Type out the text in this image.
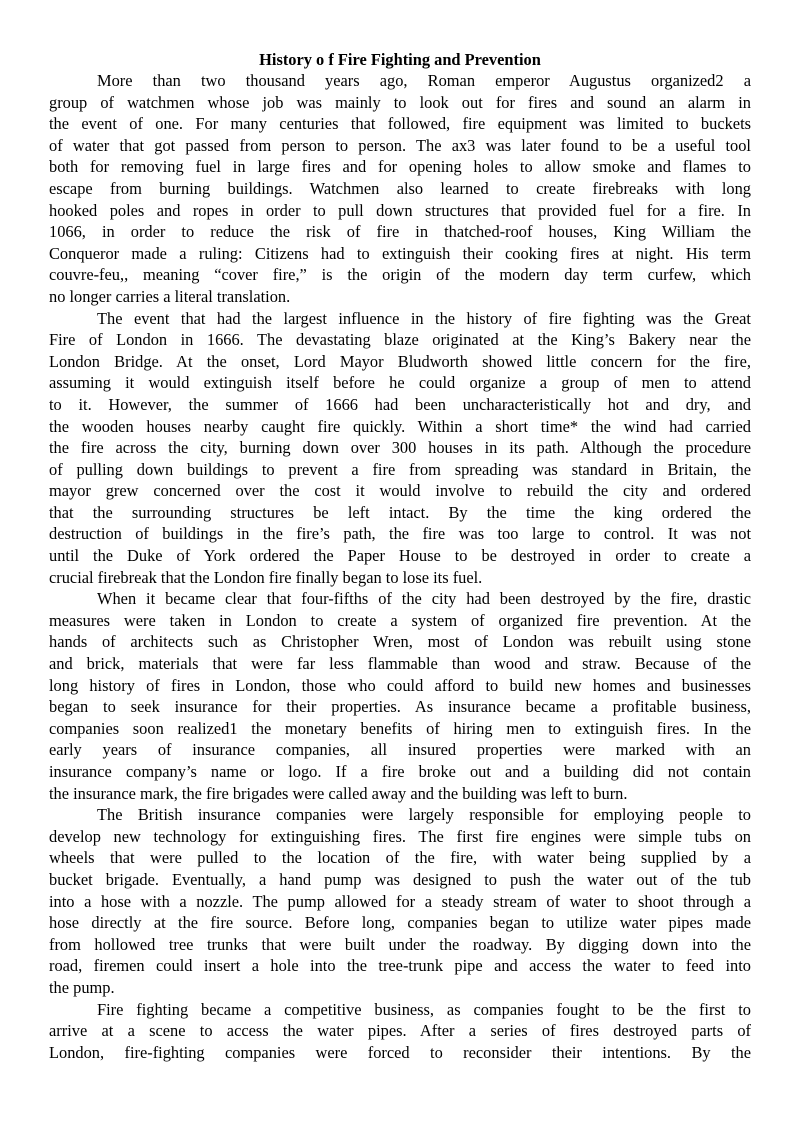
History o f Fire Fighting and Prevention

More than two thousand years ago, Roman emperor Augustus organized2 a
group of watchmen whose job was mainly to look out for fires and sound an alarm in
the event of one. For many centuries that followed, fire equipment was limited to buckets
of water that got passed from person to person. The ax3 was later found to be a useful tool
both for removing fuel in large fires and for opening holes to allow smoke and flames to
escape from burning buildings. Watchmen also learned to create firebreaks with long
hooked poles and ropes in order to pull down structures that provided fuel for a fire. In
1066, in order to reduce the risk of fire in thatched-roof houses, King William the
Conqueror made a ruling: Citizens had to extinguish their cooking fires at night. His term
couvre-feu,, meaning “cover fire,” is the origin of the modern day term curfew, which
no longer carries a literal translation.

The event that had the largest influence in the history of fire fighting was the Great
Fire of London in 1666. The devastating blaze originated at the King’s Bakery near the
London Bridge. At the onset, Lord Mayor Bludworth showed little concern for the fire,
assuming it would extinguish itself before he could organize a group of men to attend
to it. However, the summer of 1666 had been uncharacteristically hot and dry, and
the wooden houses nearby caught fire quickly. Within a short time* the wind had carried
the fire across the city, burning down over 300 houses in its path. Although the procedure
of pulling down buildings to prevent a fire from spreading was standard in Britain, the
mayor grew concerned over the cost it would involve to rebuild the city and ordered
that the surrounding structures be left intact. By the time the king ordered the
destruction of buildings in the fire’s path, the fire was too large to control. It was not
until the Duke of York ordered the Paper House to be destroyed in order to create a
crucial firebreak that the London fire finally began to lose its fuel.

When it became clear that four-fifths of the city had been destroyed by the fire, drastic
measures were taken in London to create a system of organized fire prevention. At the
hands of architects such as Christopher Wren, most of London was rebuilt using stone
and brick, materials that were far less flammable than wood and straw. Because of the
long history of fires in London, those who could afford to build new homes and businesses
began to seek insurance for their properties. As insurance became a profitable business,
companies soon realized1 the monetary benefits of hiring men to extinguish fires. In the
early years of insurance companies, all insured properties were marked with an
insurance company’s name or logo. If a fire broke out and a building did not contain
the insurance mark, the fire brigades were called away and the building was left to burn.

The British insurance companies were largely responsible for employing people to
develop new technology for extinguishing fires. The first fire engines were simple tubs on
wheels that were pulled to the location of the fire, with water being supplied by a
bucket brigade. Eventually, a hand pump was designed to push the water out of the tub
into a hose with a nozzle. The pump allowed for a steady stream of water to shoot through a
hose directly at the fire source. Before long, companies began to utilize water pipes made
from hollowed tree trunks that were built under the roadway. By digging down into the
road, firemen could insert a hole into the tree-trunk pipe and access the water to feed into
the pump.

Fire fighting became a competitive business, as companies fought to be the first to
arrive at a scene to access the water pipes. After a series of fires destroyed parts of
London, fire-fighting companies were forced to reconsider their intentions. By the
